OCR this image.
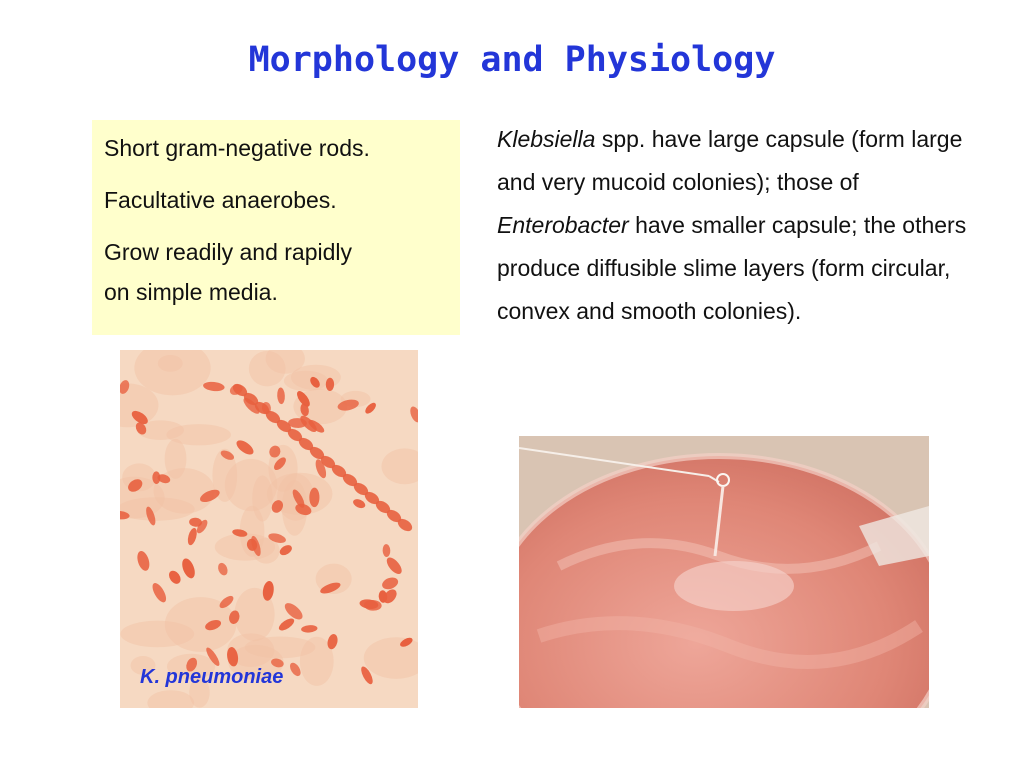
Morphology and Physiology

Short gram-negative rods.

Facultative anaerobes.

Grow readily and rapidly
on simple media.

Klebsiella spp. have large capsule (form large and very mucoid colonies); those of Enterobacter have smaller capsule; the others produce diffusible slime layers (form circular, convex and smooth colonies).
K. pneumoniae
